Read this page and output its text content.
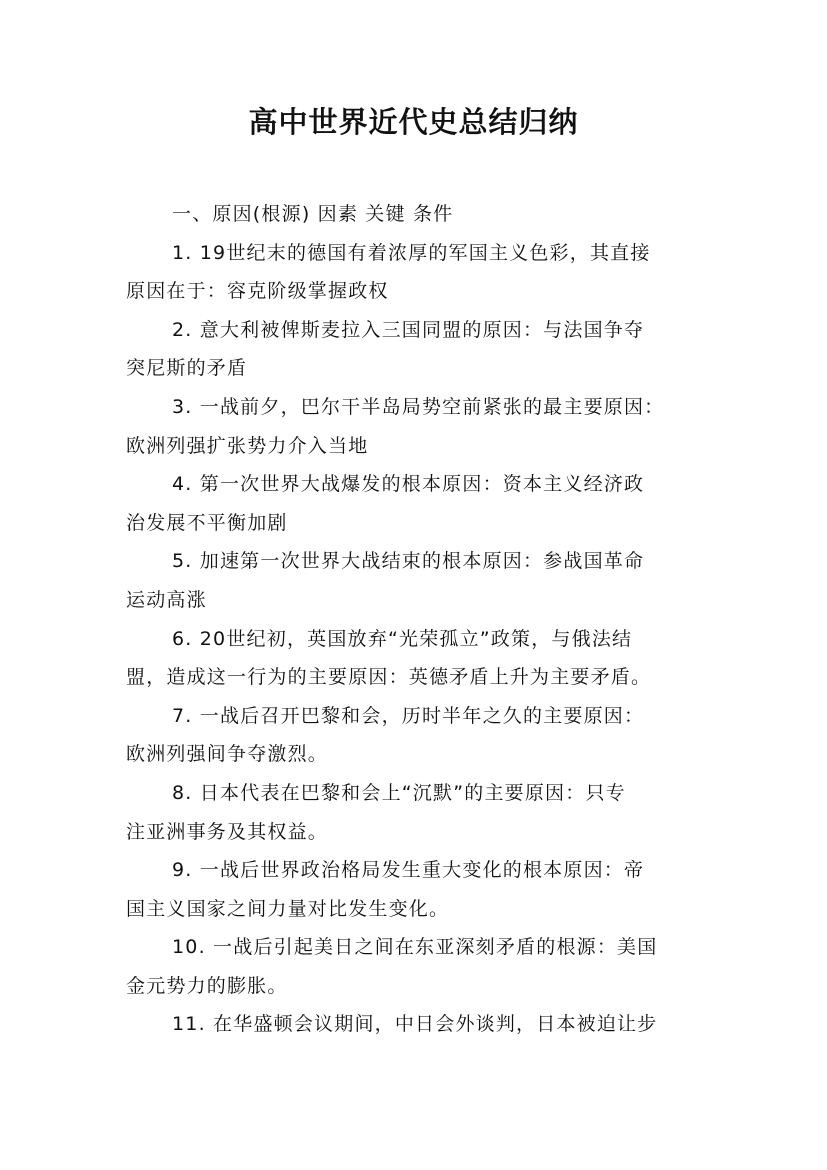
高中世界近代史总结归纳
一、原因(根源) 因素 关键 条件
1. 19世纪末的德国有着浓厚的军国主义色彩，其直接
原因在于：容克阶级掌握政权
2. 意大利被俾斯麦拉入三国同盟的原因：与法国争夺
突尼斯的矛盾
3. 一战前夕，巴尔干半岛局势空前紧张的最主要原因：
欧洲列强扩张势力介入当地
4. 第一次世界大战爆发的根本原因：资本主义经济政
治发展不平衡加剧
5. 加速第一次世界大战结束的根本原因：参战国革命
运动高涨
6. 20世纪初，英国放弃“光荣孤立”政策，与俄法结
盟，造成这一行为的主要原因：英德矛盾上升为主要矛盾。
7. 一战后召开巴黎和会，历时半年之久的主要原因：
欧洲列强间争夺激烈。
8. 日本代表在巴黎和会上“沉默”的主要原因：只专
注亚洲事务及其权益。
9. 一战后世界政治格局发生重大变化的根本原因：帝
国主义国家之间力量对比发生变化。
10. 一战后引起美日之间在东亚深刻矛盾的根源：美国
金元势力的膨胀。
11. 在华盛顿会议期间，中日会外谈判，日本被迫让步
